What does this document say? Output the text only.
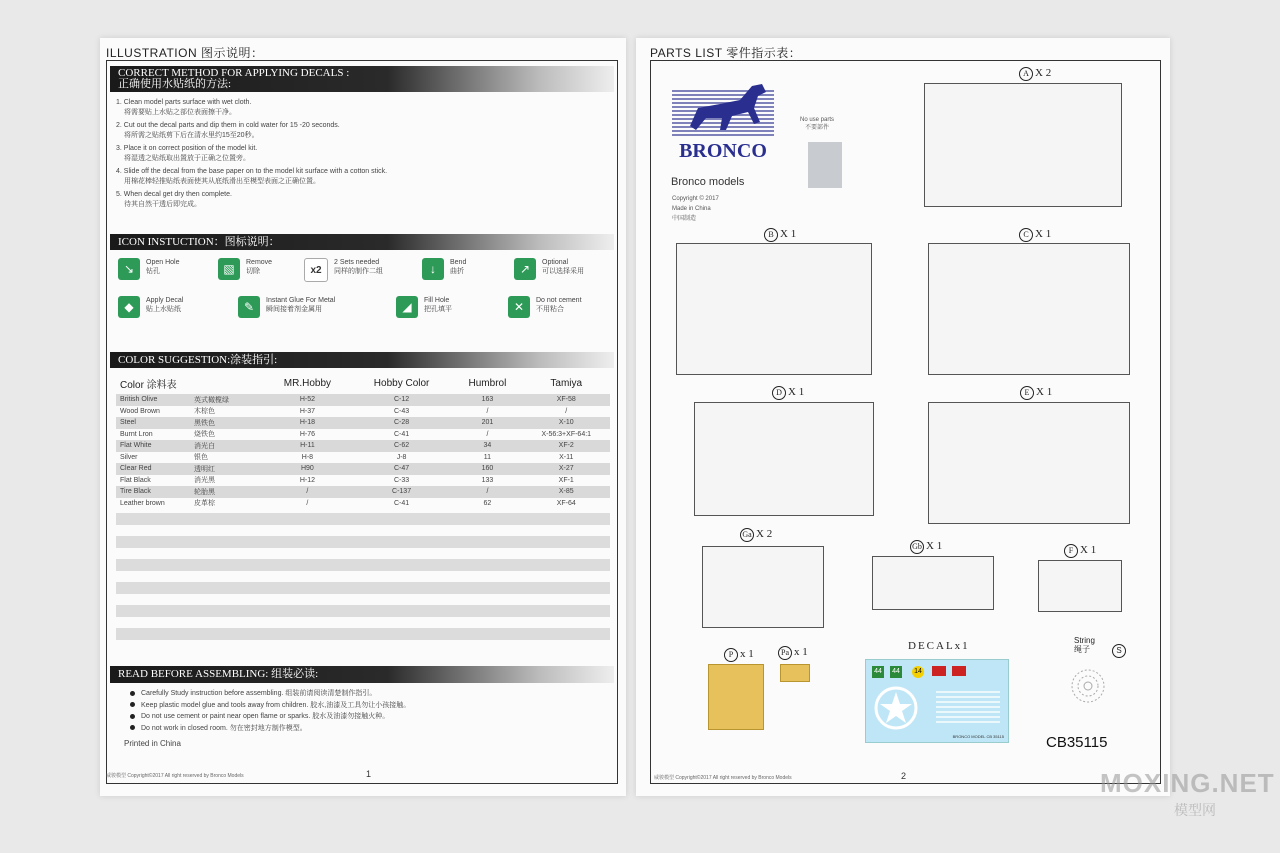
ILLUSTRATION 图示说明：
CORRECT METHOD FOR APPLYING DECALS :
正确使用水贴纸的方法:
1. Clean model parts surface with wet cloth.
将需要贴上水贴之部位表面擦干净。
2. Cut out the decal parts and dip them in cold water for 15 -20 seconds.
将所需之贴纸剪下后在清水里约15至20秒。
3. Place it on correct position of the model kit.
将湿透之贴纸取出置放于正确之位置旁。
4. Slide off the decal from the base paper on to the model kit surface with a cotton stick.
用棉花棒轻推贴纸表面使其从底纸滑出至模型表面之正确位置。
5. When decal get dry then complete.
待其自然干透后即完成。
ICON INSTUCTION：图标说明：
↘	Open Hole
钻孔	▧	Remove
切除	x2
2 Sets needed
同样的制作二组	↓	Bend
曲折	↗	Optional
可以选择采用
◆	Apply Decal
贴上水贴纸	✎	Instant Glue For Metal
瞬间接着剂金属用	◢	Fill Hole
把孔填平	✕	Do not cement
不用粘合
COLOR SUGGESTION:涂装指引:
Color 涂料表		MR.Hobby	Hobby Color	Humbrol	Tamiya
British Olive	英式橄榄绿	H-52	C-12	163	XF-58
Wood Brown	木棕色	H-37	C-43	/	/
Steel	黑铁色	H-18	C-28	201	X-10
Burnt Lron	烧铁色	H-76	C-41	/	X-56:3+XF-64:1
Flat White	消光白	H-11	C-62	34	XF-2
Silver	银色	H-8	J-8	11	X-11
Clear Red	透明红	H90	C-47	160	X-27
Flat Black	消光黑	H-12	C-33	133	XF-1
Tire Black	轮胎黑	/	C-137	/	X-85
Leather brown	皮革棕	/	C-41	62	XF-64
READ BEFORE ASSEMBLING: 组装必读:
Carefully Study instruction before assembling. 组装前请阅读清楚制作指引。
Keep plastic model glue and tools away from children. 胶水,油漆及工具勿让小孩接触。
Do not use cement or paint near open flame or sparks. 胶水及油漆勿接触火种。
Do not work in closed room. 勿在密封地方制作模型。
Printed in China
威骏模型 Copyright©2017 All right reserved by Bronco Models	1
PARTS LIST 零件指示表：
BRONCO
Bronco models
Copyright © 2017
Made in China
中国制造
No use parts
不要部件
A X 2
B X 1	C X 1
D X 1	E X 1
Ga X 2
Gb X 1	F X 1
P x 1	Pa x 1	DECALx1
44	44	14
BRONCO MODEL CB 35115
String
绳子	S
CB35115
威骏模型 Copyright©2017 All right reserved by Bronco Models	2	MOXING.NET
模型网
